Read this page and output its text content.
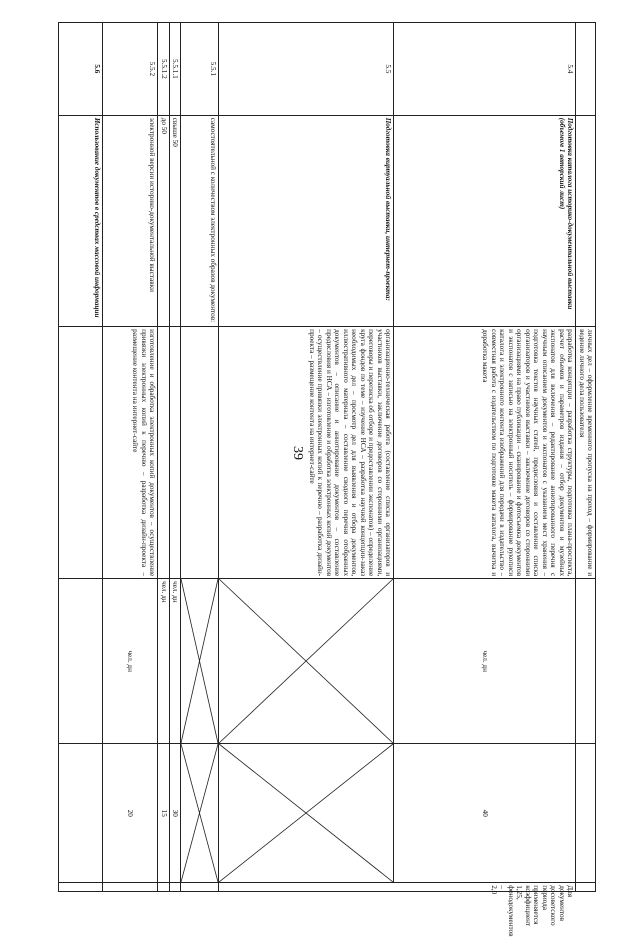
39
			личных дел – оформление временного пропуска на проход – формирование и ведение личного дела пользователя			
5.4	Подготовка каталога историко-документальной выставки (объемом 1 авторский лист)	разработка концепции – разработка структуры, подготовка плана-проспекта, расчет объемов и параметров издания – отбор документов и музейных экспонатов для включения – редактирование аннотированного перечня с научным описанием документов и экспонатов с указанием мест хранения – подготовка текстов научных статей, предисловия и составление списка организаторов и участников выставки – заключение договоров со сторонними организациями на право публикации – сканирование и фотосъемка документов и экспонатов с записью на электронный носитель – формирование рукописи каталога и электронного контента изображений для передачи в издательство – совместная работа с издательством по подготовке макета каталога, вычитка и доработка макета	чел. дн	40	Для документов досоветского периода применяется коэффициент 1,25, фонодокументов – 2,0
5.5	Подготовка виртуальной выставки, интернет-проекта:	организационно-техническая работа (составление списка организаторов и участников выставки, заключение договоров со сторонними организациями, переговоры и переписка об отборе и предоставлении экспонатов) – определение круга фондов по теме – изучение НСА – разработка научной концепции-заказ необходимых дел – просмотр дел для выявления и отбора документов, иллюстративного материала – составление сводного перечня отобранных документов – описание и аннотирование документов – составление предисловия и НСА – изготовление и обработка электронных копий документов – осуществление привязки электронных копий к перечню – разработка дизайн-проекта – размещение контента на интернет-сайте	

5.5.1	самостоятельной с количеством электронных образов документов:		

5.5.1.1	свыше 50		чел. дн	30	
5.5.1.2	до 50		чел. дн	15	
5.5.2	электронной версии историко-документальной выставки	изготовление и обработка электронных копий документов – осуществление привязки электронных копий к перечню – разработка дизайн-проекта – размещение контента на интернет-сайте	чел. дн	20	
5.6	Использование документов в средствах массовой информации				
